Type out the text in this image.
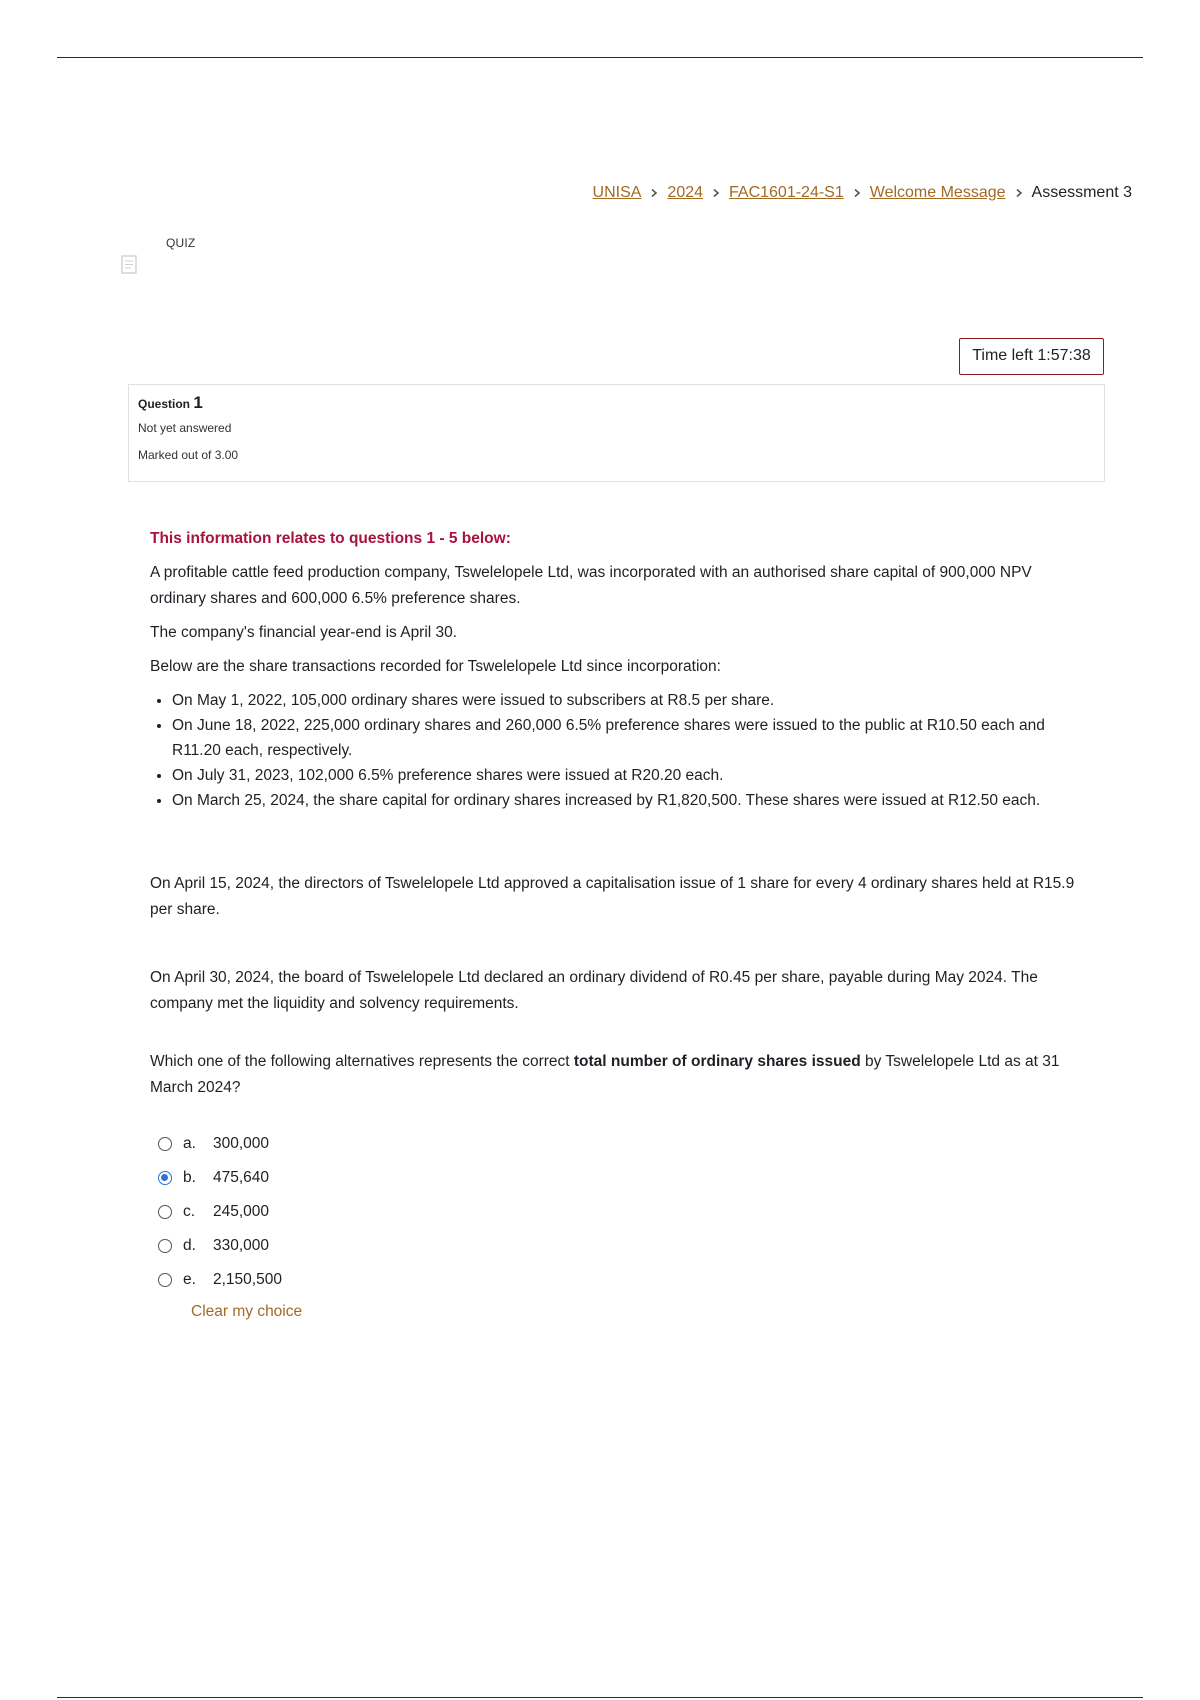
UNISA 2024 FAC1601-24-S1 Welcome Message Assessment 3
QUIZ
Time left 1:57:38
Question 1
Not yet answered
Marked out of 3.00

This information relates to questions 1 - 5 below:

A profitable cattle feed production company, Tswelelopele Ltd, was incorporated with an authorised share capital of 900,000 NPV ordinary shares and 600,000 6.5% preference shares.

The company's financial year-end is April 30.

Below are the share transactions recorded for Tswelelopele Ltd since incorporation:

• On May 1, 2022, 105,000 ordinary shares were issued to subscribers at R8.5 per share.
• On June 18, 2022, 225,000 ordinary shares and 260,000 6.5% preference shares were issued to the public at R10.50 each and R11.20 each, respectively.
• On July 31, 2023, 102,000 6.5% preference shares were issued at R20.20 each.
• On March 25, 2024, the share capital for ordinary shares increased by R1,820,500. These shares were issued at R12.50 each.

On April 15, 2024, the directors of Tswelelopele Ltd approved a capitalisation issue of 1 share for every 4 ordinary shares held at R15.9 per share.

On April 30, 2024, the board of Tswelelopele Ltd declared an ordinary dividend of R0.45 per share, payable during May 2024. The company met the liquidity and solvency requirements.

Which one of the following alternatives represents the correct total number of ordinary shares issued by Tswelelopele Ltd as at 31 March 2024?

a.	300,000
b.	475,640
c.	245,000
d.	330,000
e.	2,150,500
Clear my choice
